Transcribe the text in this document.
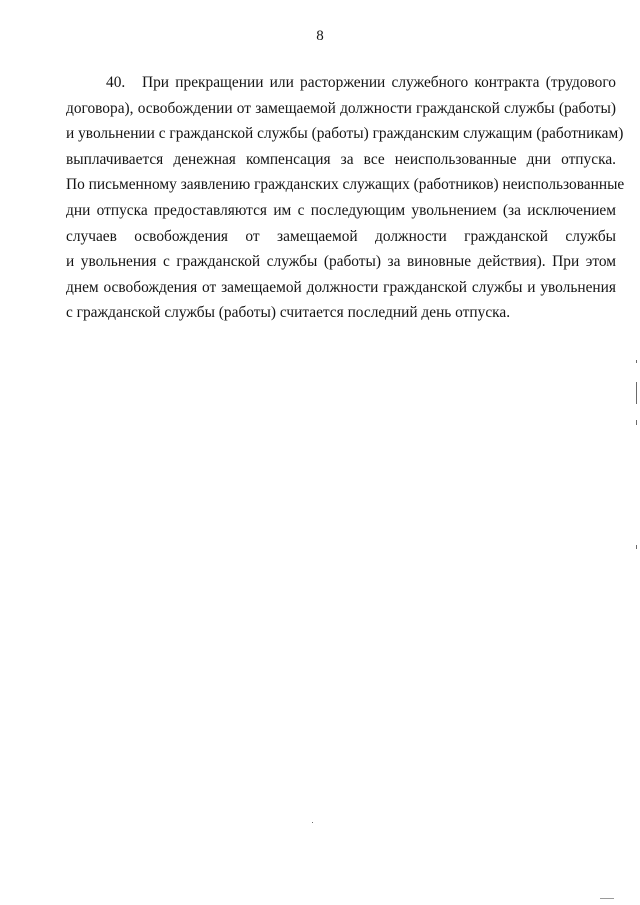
8
40. При прекращении или расторжении служебного контракта (трудового
договора), освобождении от замещаемой должности гражданской службы (работы)
и увольнении с гражданской службы (работы) гражданским служащим (работникам)
выплачивается денежная компенсация за все неиспользованные дни отпуска.
По письменному заявлению гражданских служащих (работников) неиспользованные
дни отпуска предоставляются им с последующим увольнением (за исключением
случаев освобождения от замещаемой должности гражданской службы
и увольнения с гражданской службы (работы) за виновные действия). При этом
днем освобождения от замещаемой должности гражданской службы и увольнения
с гражданской службы (работы) считается последний день отпуска.
